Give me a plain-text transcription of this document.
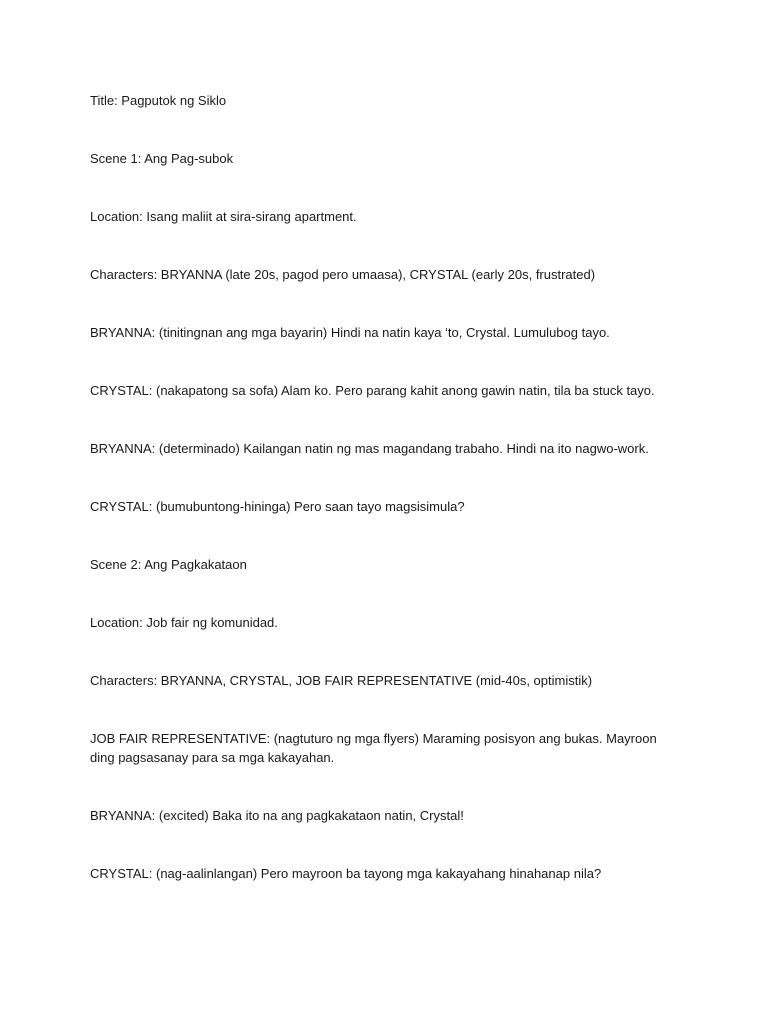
Title: Pagputok ng Siklo

Scene 1: Ang Pag-subok

Location: Isang maliit at sira-sirang apartment.

Characters: BRYANNA (late 20s, pagod pero umaasa), CRYSTAL (early 20s, frustrated)

BRYANNA: (tinitingnan ang mga bayarin) Hindi na natin kaya ‘to, Crystal. Lumulubog tayo.

CRYSTAL: (nakapatong sa sofa) Alam ko. Pero parang kahit anong gawin natin, tila ba stuck tayo.

BRYANNA: (determinado) Kailangan natin ng mas magandang trabaho. Hindi na ito nagwo-work.

CRYSTAL: (bumubuntong-hininga) Pero saan tayo magsisimula?

Scene 2: Ang Pagkakataon

Location: Job fair ng komunidad.

Characters: BRYANNA, CRYSTAL, JOB FAIR REPRESENTATIVE (mid-40s, optimistik)

JOB FAIR REPRESENTATIVE: (nagtuturo ng mga flyers) Maraming posisyon ang bukas. Mayroon ding pagsasanay para sa mga kakayahan.

BRYANNA: (excited) Baka ito na ang pagkakataon natin, Crystal!

CRYSTAL: (nag-aalinlangan) Pero mayroon ba tayong mga kakayahang hinahanap nila?
